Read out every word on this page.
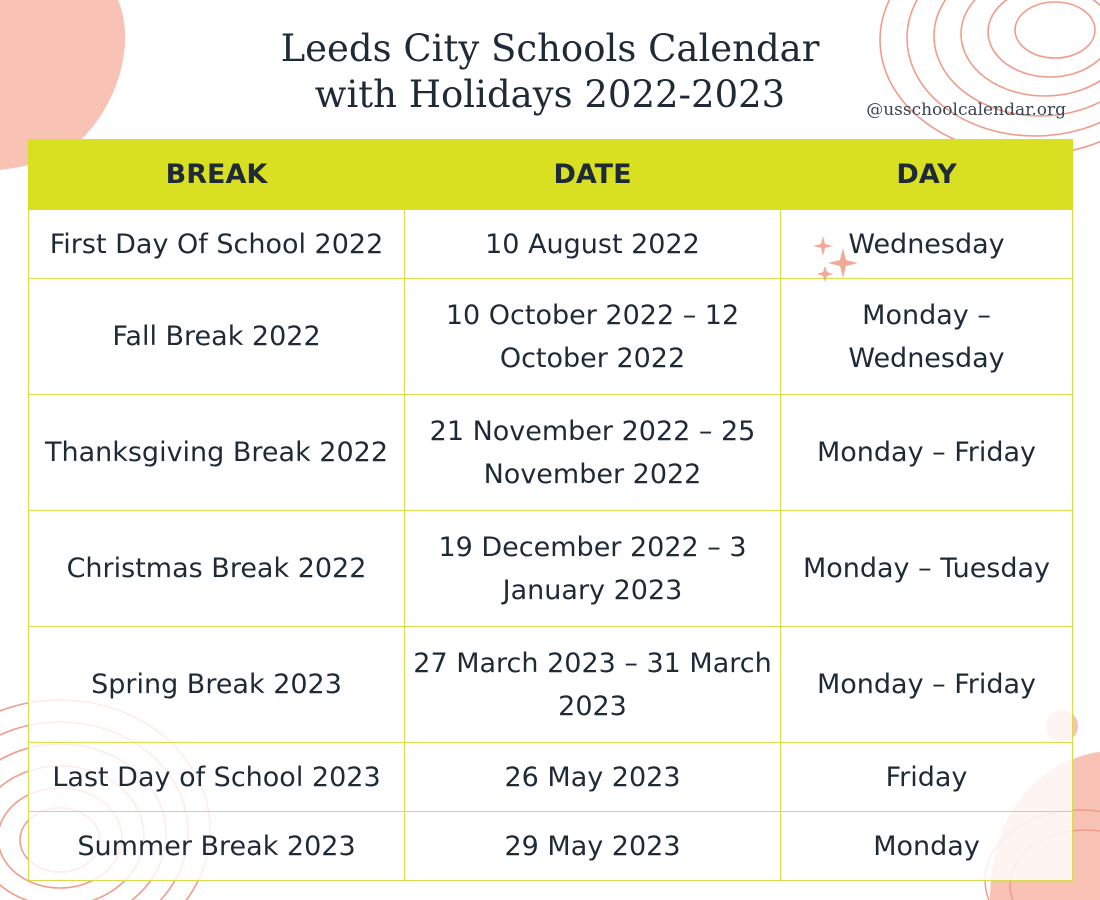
Leeds City Schools Calendar
with Holidays 2022-2023	@usschoolcalendar.org
BREAK	DATE	DAY
First Day Of School 2022	10 August 2022	Wednesday
Fall Break 2022	10 October 2022 – 12 October 2022	Monday – Wednesday
Thanksgiving Break 2022	21 November 2022 – 25 November 2022	Monday – Friday
Christmas Break 2022	19 December 2022 – 3 January 2023	Monday – Tuesday
Spring Break 2023	27 March 2023 – 31 March 2023	Monday – Friday
Last Day of School 2023	26 May 2023	Friday
Summer Break 2023	29 May 2023	Monday
